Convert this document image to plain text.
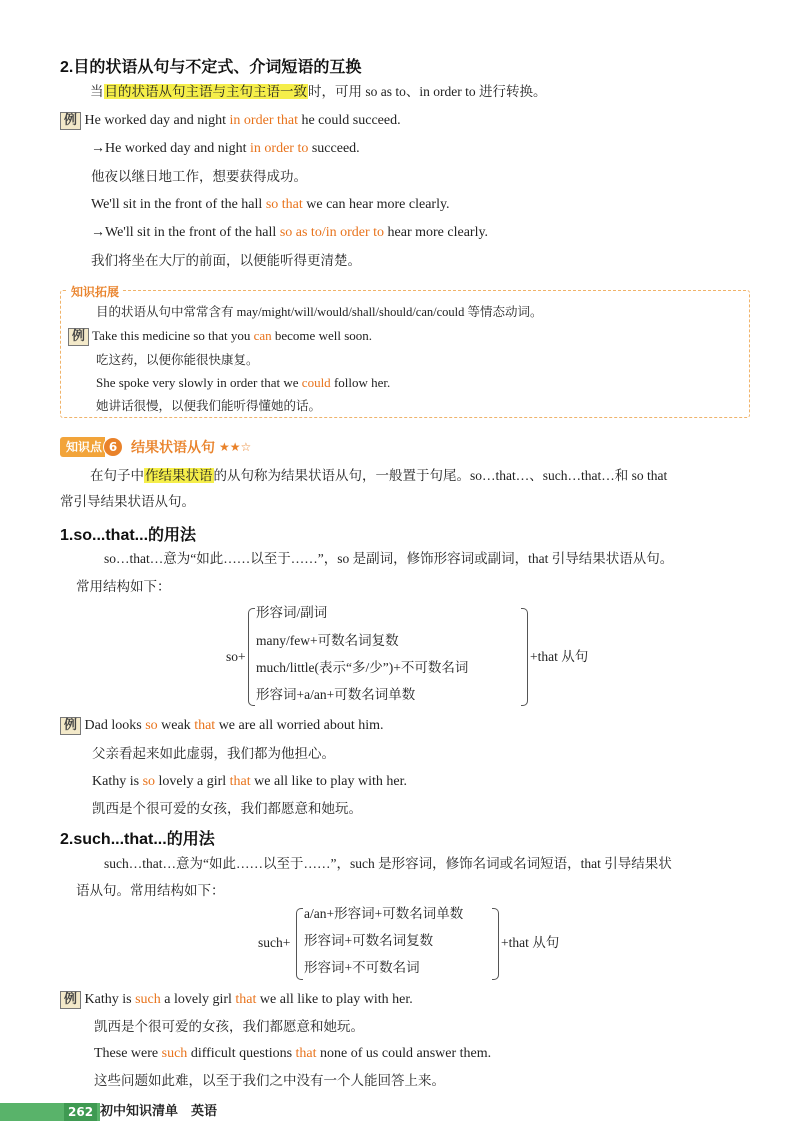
2.目的状语从句与不定式、介词短语的互换
当目的状语从句主语与主句主语一致时，可用 so as to、in order to 进行转换。
例 He worked day and night in order that he could succeed.
→He worked day and night in order to succeed.
他夜以继日地工作，想要获得成功。
We'll sit in the front of the hall so that we can hear more clearly.
→We'll sit in the front of the hall so as to/in order to hear more clearly.
我们将坐在大厅的前面，以便能听得更清楚。
知识拓展
目的状语从句中常常含有 may/might/will/would/shall/should/can/could 等情态动词。
例 Take this medicine so that you can become well soon.
吃这药，以便你能很快康复。
She spoke very slowly in order that we could follow her.
她讲话很慢，以便我们能听得懂她的话。
知识点 6 结果状语从句 ★★☆
在句子中作结果状语的从句称为结果状语从句，一般置于句尾。so…that…、such…that…和 so that
常引导结果状语从句。
1.so...that...的用法
so…that…意为“如此……以至于……”，so 是副词，修饰形容词或副词，that 引导结果状语从句。
常用结构如下：
so+
形容词/副词
many/few+可数名词复数
much/little(表示“多/少”)+不可数名词
形容词+a/an+可数名词单数
+that 从句
例 Dad looks so weak that we are all worried about him.
父亲看起来如此虚弱，我们都为他担心。
Kathy is so lovely a girl that we all like to play with her.
凯西是个很可爱的女孩，我们都愿意和她玩。
2.such...that...的用法
such…that…意为“如此……以至于……”，such 是形容词，修饰名词或名词短语，that 引导结果状
语从句。常用结构如下：
such+
a/an+形容词+可数名词单数
形容词+可数名词复数
形容词+不可数名词
+that 从句
例 Kathy is such a lovely girl that we all like to play with her.
凯西是个很可爱的女孩，我们都愿意和她玩。
These were such difficult questions that none of us could answer them.
这些问题如此难，以至于我们之中没有一个人能回答上来。
262 初中知识清单　英语
